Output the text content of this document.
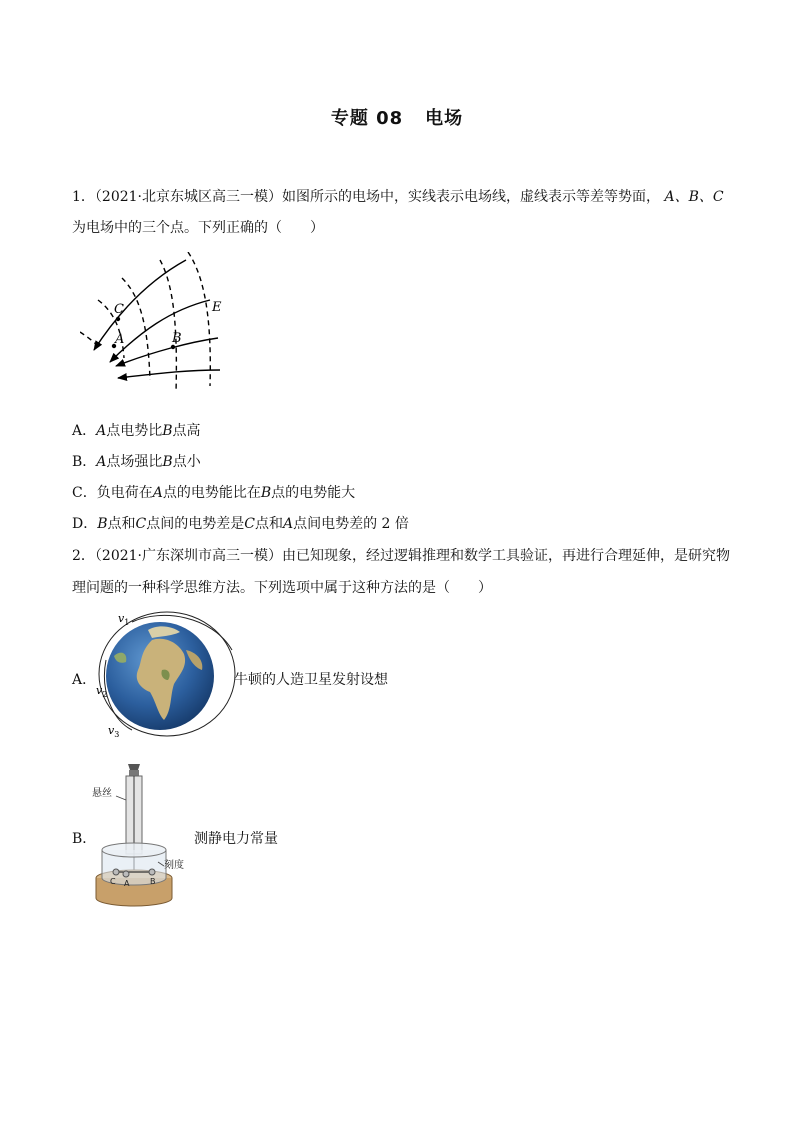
专题 08 电场
1．（2021·北京东城区高三一模）如图所示的电场中，实线表示电场线，虚线表示等差等势面， A、B、C
为电场中的三个点。下列正确的（　　）
C
A	B
E
A．A点电势比B点高
B．A点场强比B点小
C．负电荷在A点的电势能比在B点的电势能大
D．B点和C点间的电势差是C点和A点间电势差的 2 倍
2．（2021·广东深圳市高三一模）由已知现象，经过逻辑推理和数学工具验证，再进行合理延伸，是研究物
理问题的一种科学思维方法。下列选项中属于这种方法的是（　　）
A．
$v_1$
$v_2$
$v_3$
牛顿的人造卫星发射设想
B．
悬丝
刻度
C A	B
测静电力常量
